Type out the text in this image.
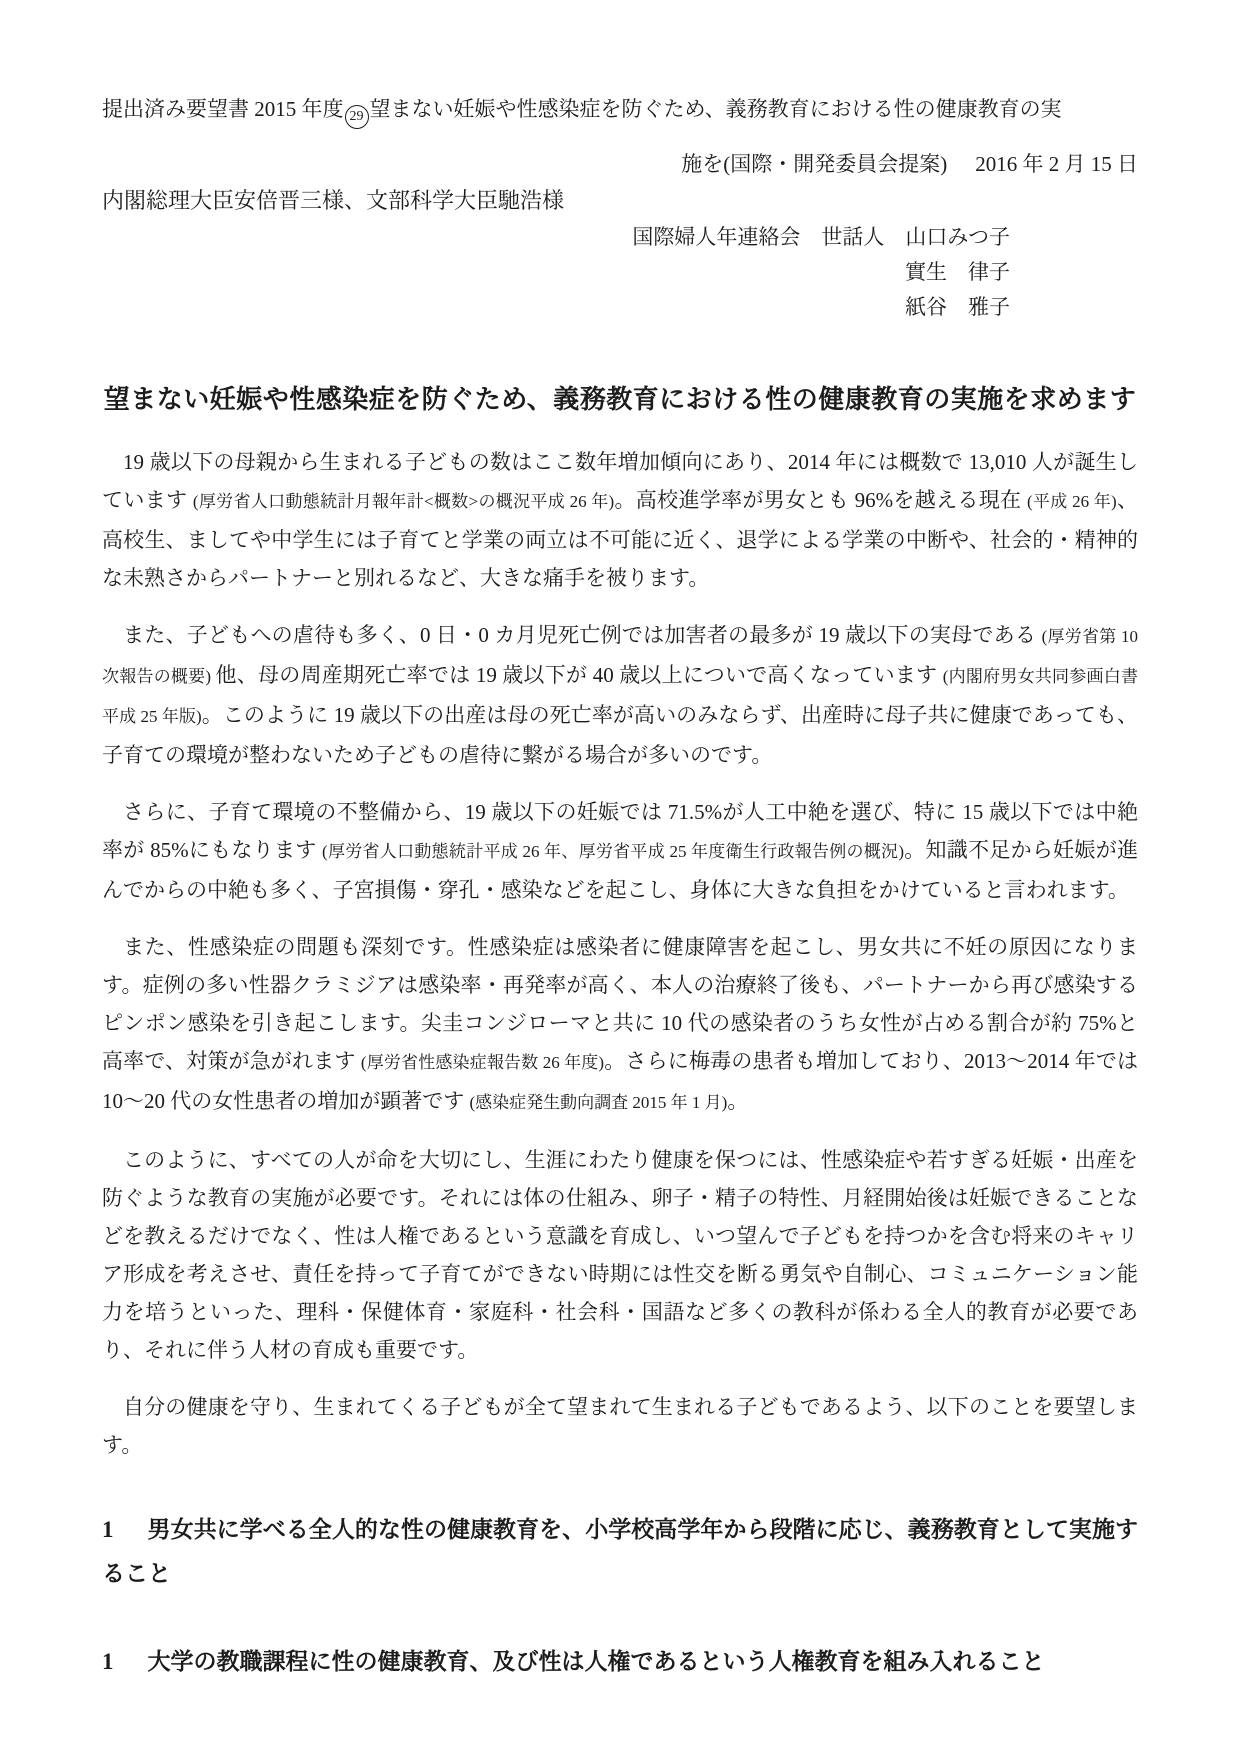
提出済み要望書 2015 年度 29 望まない妊娠や性感染症を防ぐため、義務教育における性の健康教育の実

施を(国際・開発委員会提案) 2016 年 2 月 15 日

内閣総理大臣安倍晋三様、文部科学大臣馳浩様

国際婦人年連絡会　世話人　山口みつ子

實生　律子

紙谷　雅子

望まない妊娠や性感染症を防ぐため、義務教育における性の健康教育の実施を求めます

19 歳以下の母親から生まれる子どもの数はここ数年増加傾向にあり、2014 年には概数で 13,010 人が誕生しています (厚労省人口動態統計月報年計<概数>の概況平成 26 年)。高校進学率が男女とも 96%を越える現在 (平成 26 年)、高校生、ましてや中学生には子育てと学業の両立は不可能に近く、退学による学業の中断や、社会的・精神的な未熟さからパートナーと別れるなど、大きな痛手を被ります。

また、子どもへの虐待も多く、0 日・0 カ月児死亡例では加害者の最多が 19 歳以下の実母である (厚労省第 10 次報告の概要) 他、母の周産期死亡率では 19 歳以下が 40 歳以上についで高くなっています (内閣府男女共同参画白書平成 25 年版)。このように 19 歳以下の出産は母の死亡率が高いのみならず、出産時に母子共に健康であっても、子育ての環境が整わないため子どもの虐待に繋がる場合が多いのです。

さらに、子育て環境の不整備から、19 歳以下の妊娠では 71.5%が人工中絶を選び、特に 15 歳以下では中絶率が 85%にもなります (厚労省人口動態統計平成 26 年、厚労省平成 25 年度衛生行政報告例の概況)。知識不足から妊娠が進んでからの中絶も多く、子宮損傷・穿孔・感染などを起こし、身体に大きな負担をかけていると言われます。

また、性感染症の問題も深刻です。性感染症は感染者に健康障害を起こし、男女共に不妊の原因になります。症例の多い性器クラミジアは感染率・再発率が高く、本人の治療終了後も、パートナーから再び感染するピンポン感染を引き起こします。尖圭コンジローマと共に 10 代の感染者のうち女性が占める割合が約 75%と高率で、対策が急がれます (厚労省性感染症報告数 26 年度)。さらに梅毒の患者も増加しており、2013〜2014 年では 10〜20 代の女性患者の増加が顕著です (感染症発生動向調査 2015 年 1 月)。

このように、すべての人が命を大切にし、生涯にわたり健康を保つには、性感染症や若すぎる妊娠・出産を防ぐような教育の実施が必要です。それには体の仕組み、卵子・精子の特性、月経開始後は妊娠できることなどを教えるだけでなく、性は人権であるという意識を育成し、いつ望んで子どもを持つかを含む将来のキャリア形成を考えさせ、責任を持って子育てができない時期には性交を断る勇気や自制心、コミュニケーション能力を培うといった、理科・保健体育・家庭科・社会科・国語など多くの教科が係わる全人的教育が必要であり、それに伴う人材の育成も重要です。

自分の健康を守り、生まれてくる子どもが全て望まれて生まれる子どもであるよう、以下のことを要望します。

1 男女共に学べる全人的な性の健康教育を、小学校高学年から段階に応じ、義務教育として実施すること
1 大学の教職課程に性の健康教育、及び性は人権であるという人権教育を組み入れること
